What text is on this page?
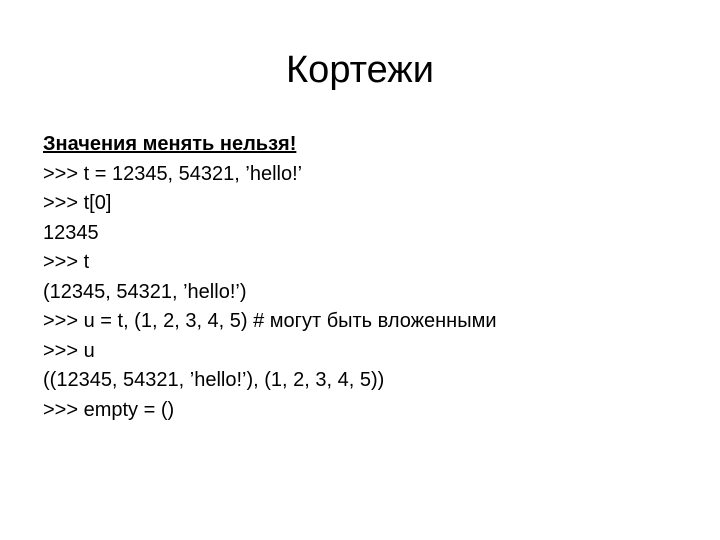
Кортежи
Значения менять нельзя!
>>> t = 12345, 54321, ’hello!’
>>> t[0]
12345
>>> t
(12345, 54321, ’hello!’)
>>> u = t, (1, 2, 3, 4, 5) # могут быть вложенными
>>> u
((12345, 54321, ’hello!’), (1, 2, 3, 4, 5))
>>> empty = ()
